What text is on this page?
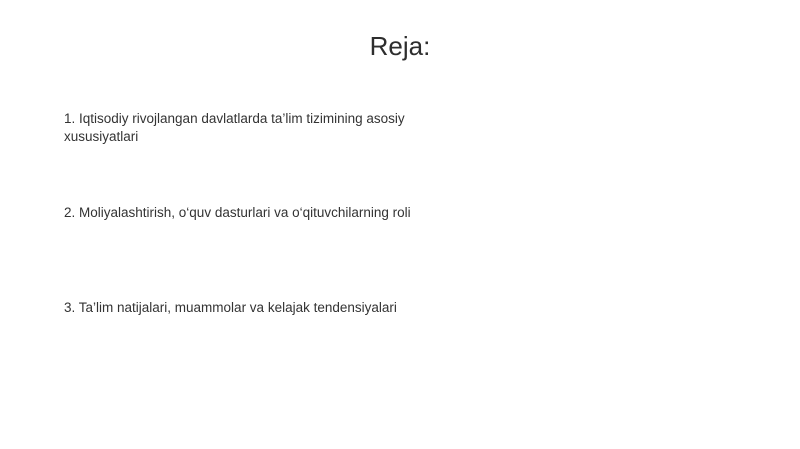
Reja:
1. Iqtisodiy rivojlangan davlatlarda ta’lim tizimining asosiy xususiyatlari
2. Moliyalashtirish, o‘quv dasturlari va o‘qituvchilarning roli
3. Ta’lim natijalari, muammolar va kelajak tendensiyalari
